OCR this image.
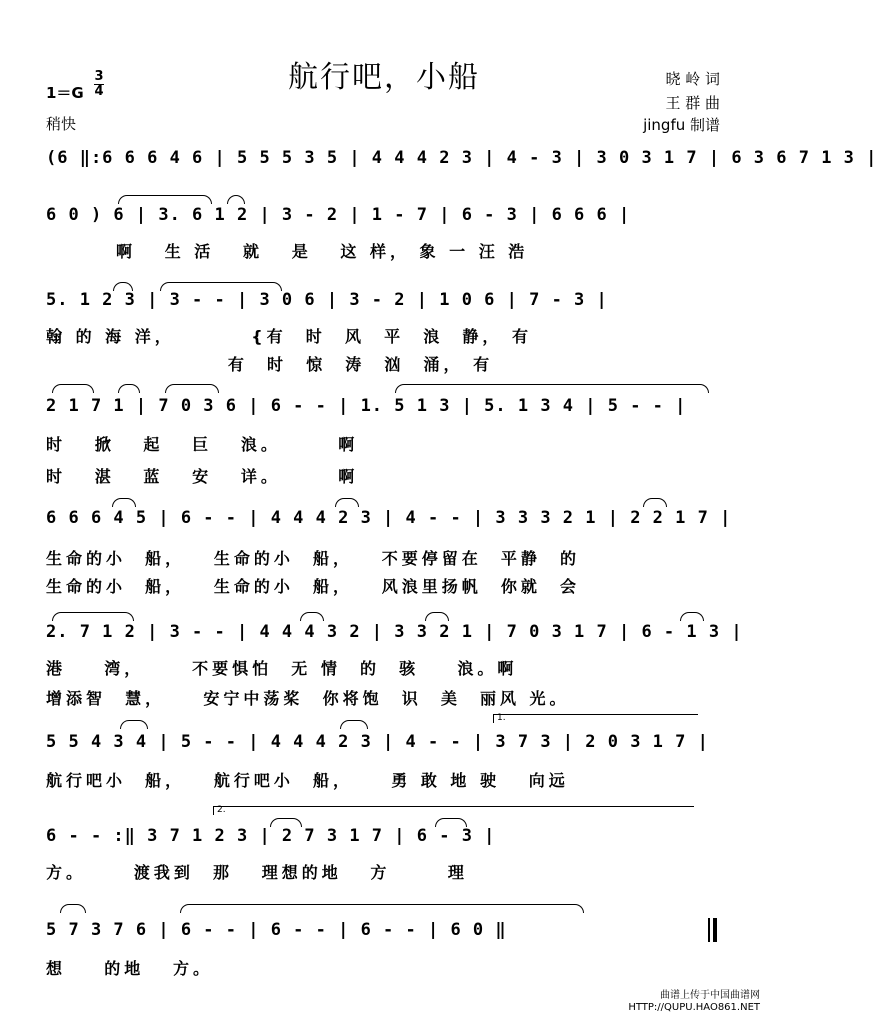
航行吧，小船
1＝G
3
4
稍快
晓 岭 词
王 群 曲
jingfu 制谱
(6 ‖:6 6 6 4 6 | 5 5 5 3 5 | 4 4 4 2 3 | 4 - 3 | 3 0 3 1 7 | 6 3 6 7 1 3 |
6 0 ) 6 | 3. 6 1 2 | 3 - 2 | 1 - 7 | 6 - 3 | 6 6 6 |
啊   生 活   就   是   这 样， 象 一 汪 浩
5. 1 2 3 | 3 - - | 3 0 6 | 3 - 2 | 1 0 6 | 7 - 3 |
翰 的 海 洋，        {有  时  风  平  浪  静， 有
有  时  惊  涛  汹  涌， 有
2 1 7 1 | 7 0 3 6 | 6 - - | 1. 5 1 3 | 5. 1 3 4 | 5 - - |
时   掀   起   巨   浪。      啊
时   湛   蓝   安   详。      啊
6 6 6 4 5 | 6 - - | 4 4 4 2 3 | 4 - - | 3 3 3 2 1 | 2 2 1 7 |
生命的小  船，   生命的小  船，   不要停留在  平静  的
生命的小  船，   生命的小  船，   风浪里扬帆  你就  会
2. 7 1 2 | 3 - - | 4 4 4 3 2 | 3 3 2 1 | 7 0 3 1 7 | 6 - 1 3 |
港    湾，     不要惧怕  无 情  的  骇    浪。啊
增添智  慧，    安宁中荡桨  你将饱  识  美  丽风 光。
1.
5 5 4 3 4 | 5 - - | 4 4 4 2 3 | 4 - - | 3 7 3 | 2 0 3 1 7 |
航行吧小  船，   航行吧小  船，    勇 敢 地 驶   向远
2.
6 - - :‖ 3 7 1 2 3 | 2 7 3 1 7 | 6 - 3 |
方。     渡我到  那   理想的地   方      理
5 7 3 7 6 | 6 - - | 6 - - | 6 - - | 6 0 ‖
想    的地   方。
曲谱上传于中国曲谱网
HTTP://QUPU.HAO861.NET
